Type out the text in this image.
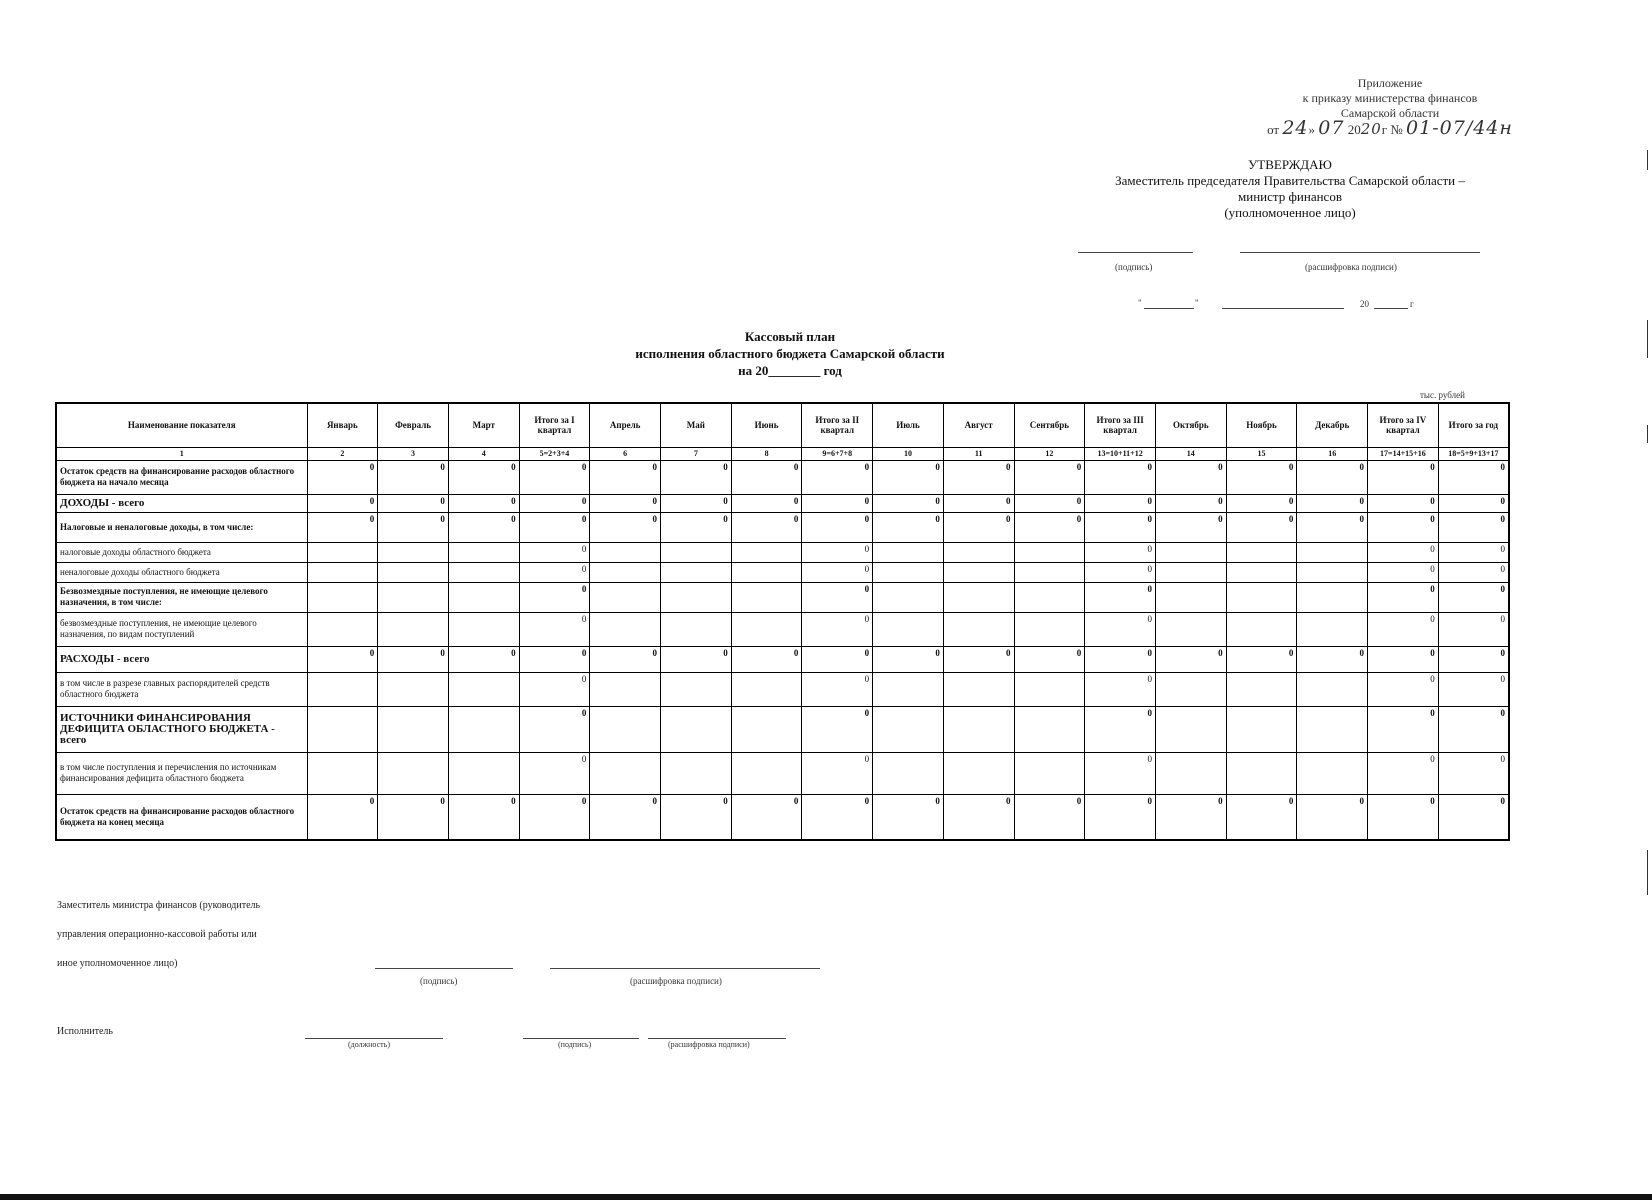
Приложение
к приказу министерства финансов
Самарской области
от 24» 07 2020г № 01-07/44н
УТВЕРЖДАЮ
Заместитель председателя Правительства Самарской области –
министр финансов
(уполномоченное лицо)
(подпись)	(расшифровка подписи)
"	"	20	г
Кассовый план
исполнения областного бюджета Самарской области
на 20________ год
тыс. рублей
Наименование показателя	Январь	Февраль	Март	Итого за I квартал	Апрель	Май	Июнь	Итого за II квартал	Июль	Август	Сентябрь	Итого за III квартал	Октябрь	Ноябрь	Декабрь	Итого за IV квартал	Итого за год
1	2	3	4	5=2+3+4	6	7	8	9=6+7+8	10	11	12	13=10+11+12	14	15	16	17=14+15+16	18=5+9+13+17
Остаток средств на финансирование расходов областного бюджета на начало месяца	0	0	0	0	0	0	0	0	0	0	0	0	0	0	0	0	0
ДОХОДЫ - всего	0	0	0	0	0	0	0	0	0	0	0	0	0	0	0	0	0
Налоговые и неналоговые доходы, в том числе:	0	0	0	0	0	0	0	0	0	0	0	0	0	0	0	0	0
налоговые доходы областного бюджета				0				0				0				0	0
неналоговые доходы областного бюджета				0				0				0				0	0
Безвозмездные поступления, не имеющие целевого назначения, в том числе:				0				0				0				0	0
безвозмездные поступления, не имеющие целевого назначения, по видам поступлений				0				0				0				0	0
РАСХОДЫ - всего	0	0	0	0	0	0	0	0	0	0	0	0	0	0	0	0	0
в том числе в разрезе главных распорядителей средств областного бюджета				0				0				0				0	0
ИСТОЧНИКИ ФИНАНСИРОВАНИЯ ДЕФИЦИТА ОБЛАСТНОГО БЮДЖЕТА - всего				0				0				0				0	0
в том числе поступления и перечисления по источникам финансирования дефицита областного бюджета				0				0				0				0	0
Остаток средств на финансирование расходов областного бюджета на конец месяца	0	0	0	0	0	0	0	0	0	0	0	0	0	0	0	0	0
Заместитель министра финансов (руководитель
управления операционно-кассовой работы или
иное уполномоченное лицо)
(подпись)	(расшифровка подписи)
Исполнитель
(должность)	(подпись)	(расшифровка подписи)
